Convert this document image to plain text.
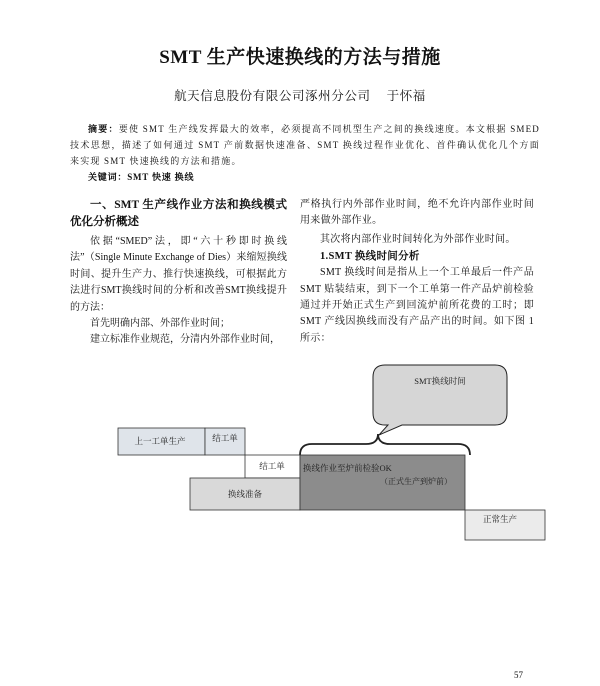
SMT 生产快速换线的方法与措施
航天信息股份有限公司涿州分公司 于怀福
摘要：要使 SMT 生产线发挥最大的效率，必须提高不同机型生产之间的换线速度。本文根据 SMED 技术思想，描述了如何通过 SMT 产前数据快速准备、SMT 换线过程作业优化、首件确认优化几个方面来实现 SMT 快速换线的方法和措施。
关键词：SMT 快速 换线
一、SMT 生产线作业方法和换线模式优化分析概述

依据“SMED”法，即“六十秒即时换线法”（Single Minute Exchange of Dies）来缩短换线时间、提升生产力、推行快速换线，可根据此方法进行SMT换线时间的分析和改善SMT换线提升的方法：

首先明确内部、外部作业时间；

建立标准作业规范，分清内外部作业时间，

严格执行内外部作业时间，绝不允许内部作业时间用来做外部作业。

其次将内部作业时间转化为外部作业时间。

1.SMT 换线时间分析

SMT 换线时间是指从上一个工单最后一件产品 SMT 贴装结束，到下一个工单第一件产品炉前检验通过并开始正式生产到回流炉前所花费的工时；即 SMT 产线因换线而没有产品产出的时间。如下图 1 所示：

SMT换线时间
上一工单生产	结工单
结工单
换线准备
换线作业至炉前检验OK
（正式生产到炉前）
正常生产
57
